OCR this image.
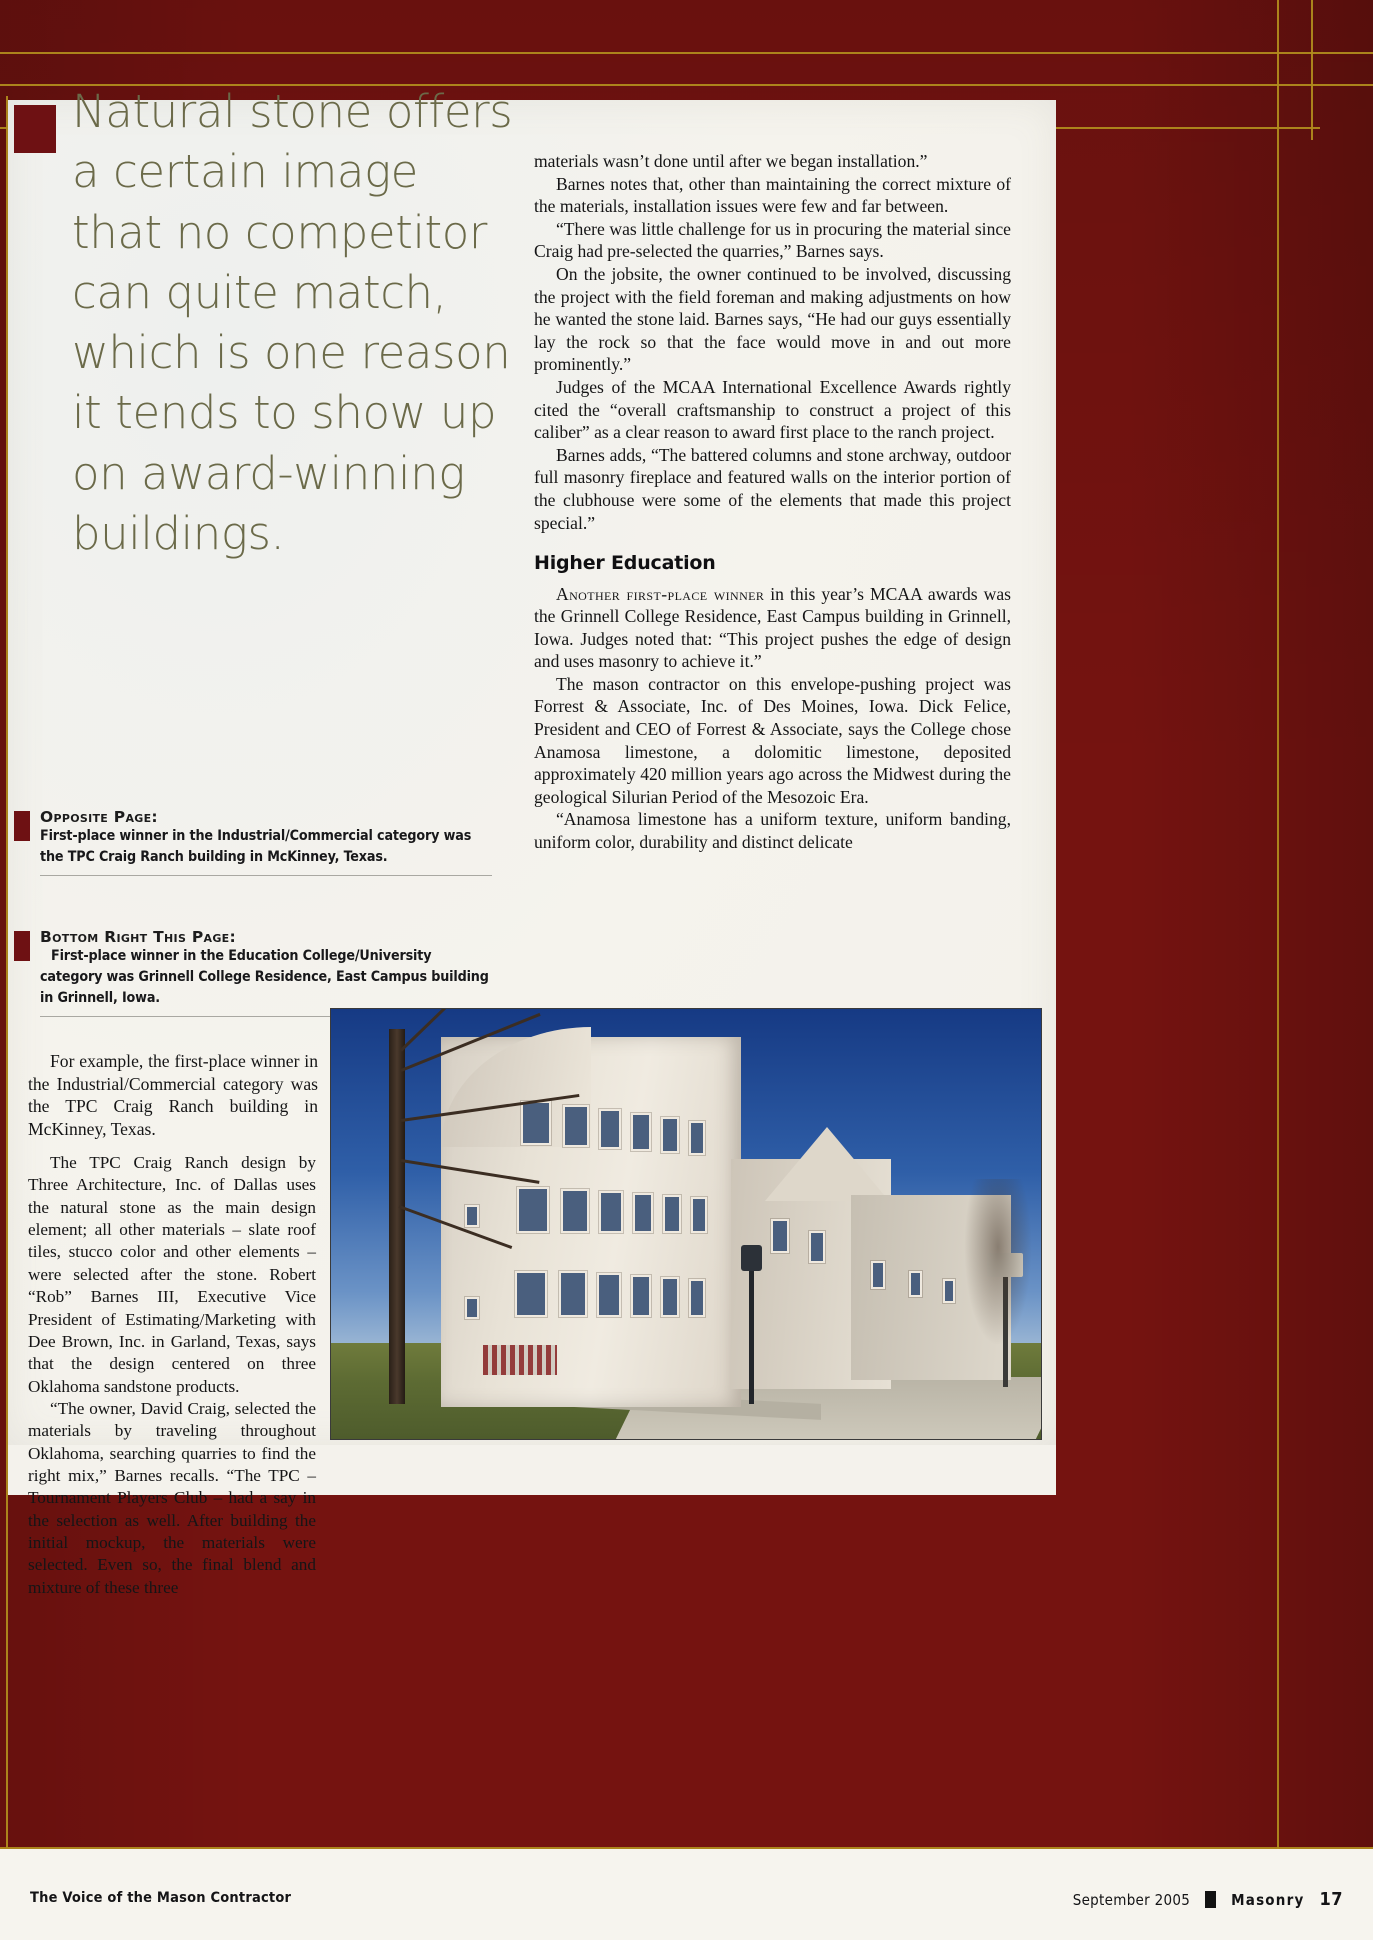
Natural stone offers a certain image that no competitor can quite match, which is one reason it tends to show up on award-winning buildings.
Opposite Page:
First-place winner in the Industrial/Commercial category was the TPC Craig Ranch building in McKinney, Texas.
Bottom Right This Page:
First-place winner in the Education College/University category was Grinnell College Residence, East Campus building in Grinnell, Iowa.

For example, the first-place winner in the Industrial/Commercial category was the TPC Craig Ranch building in McKinney, Texas.

The TPC Craig Ranch design by Three Architecture, Inc. of Dallas uses the natural stone as the main design element; all other materials – slate roof tiles, stucco color and other elements – were selected after the stone. Robert “Rob” Barnes III, Executive Vice President of Estimating/Marketing with Dee Brown, Inc. in Garland, Texas, says that the design centered on three Oklahoma sandstone products.

“The owner, David Craig, selected the materials by traveling throughout Oklahoma, searching quarries to find the right mix,” Barnes recalls. “The TPC – Tournament Players Club – had a say in the selection as well. After building the initial mockup, the materials were selected. Even so, the final blend and mixture of these three

materials wasn’t done until after we began installation.”

Barnes notes that, other than maintaining the correct mixture of the materials, installation issues were few and far between.

“There was little challenge for us in procuring the material since Craig had pre-selected the quarries,” Barnes says.

On the jobsite, the owner continued to be involved, discussing the project with the field foreman and making adjustments on how he wanted the stone laid. Barnes says, “He had our guys essentially lay the rock so that the face would move in and out more prominently.”

Judges of the MCAA International Excellence Awards rightly cited the “overall craftsmanship to construct a project of this caliber” as a clear reason to award first place to the ranch project.

Barnes adds, “The battered columns and stone archway, outdoor full masonry fireplace and featured walls on the interior portion of the clubhouse were some of the elements that made this project special.”

Higher Education

Another first-place winner in this year’s MCAA awards was the Grinnell College Residence, East Campus building in Grinnell, Iowa. Judges noted that: “This project pushes the edge of design and uses masonry to achieve it.”

The mason contractor on this envelope-pushing project was Forrest & Associate, Inc. of Des Moines, Iowa. Dick Felice, President and CEO of Forrest & Associate, says the College chose Anamosa limestone, a dolomitic limestone, deposited approximately 420 million years ago across the Midwest during the geological Silurian Period of the Mesozoic Era.

“Anamosa limestone has a uniform texture, uniform banding, uniform color, durability and distinct delicate

The Voice of the Mason Contractor	September 2005	Masonry 17
